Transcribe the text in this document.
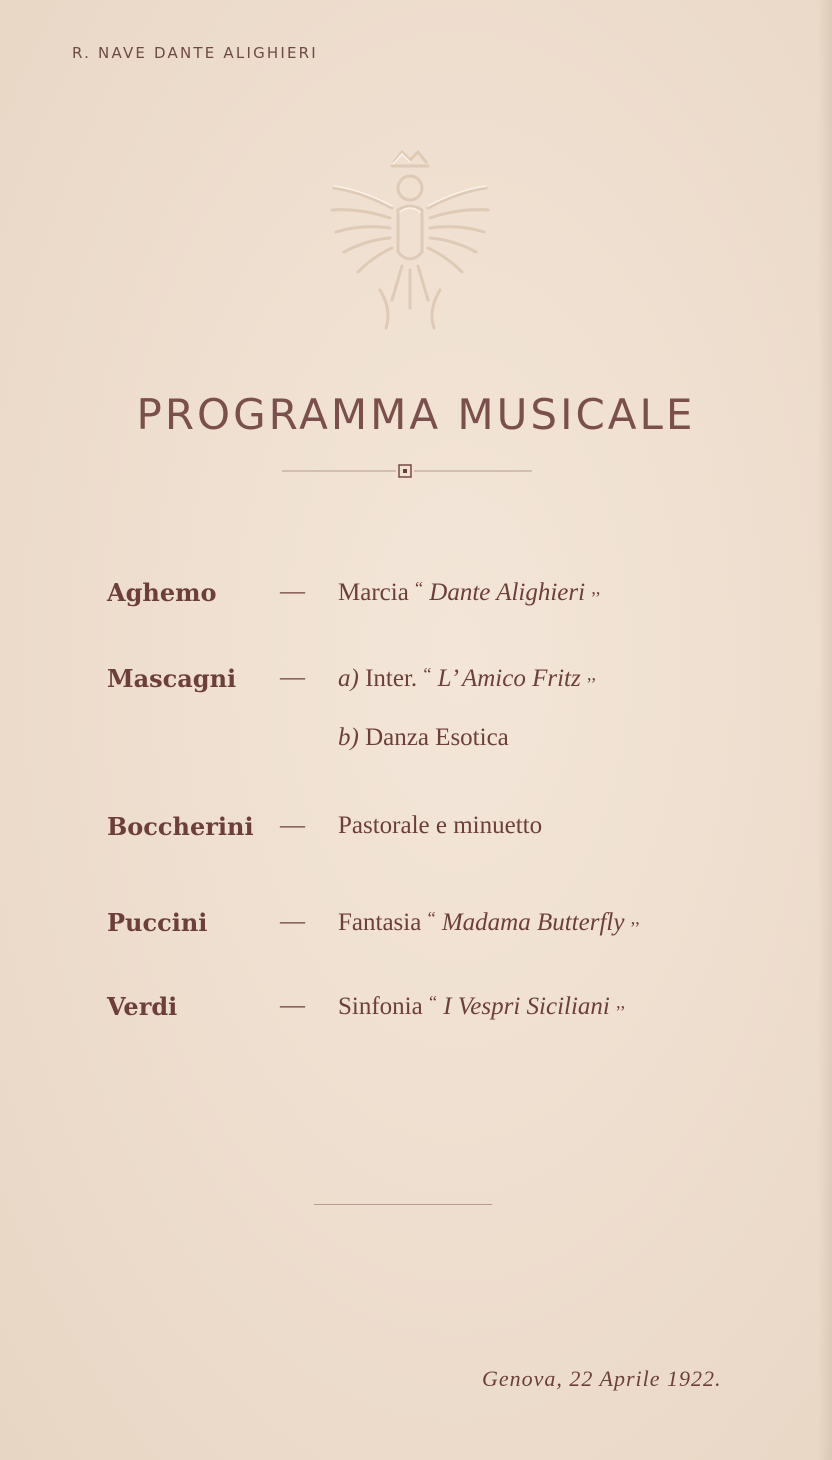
R. NAVE DANTE ALIGHIERI
PROGRAMMA MUSICALE
Aghemo	— Marcia “ Dante Alighieri ,,
Mascagni — a) Inter. “ L’ Amico Fritz ,,
b) Danza Esotica
Boccherini — Pastorale e minuetto
Puccini	— Fantasia “ Madama Butterfly ,,
Verdi	— Sinfonia “ I Vespri Siciliani ,,
Genova, 22 Aprile 1922.
